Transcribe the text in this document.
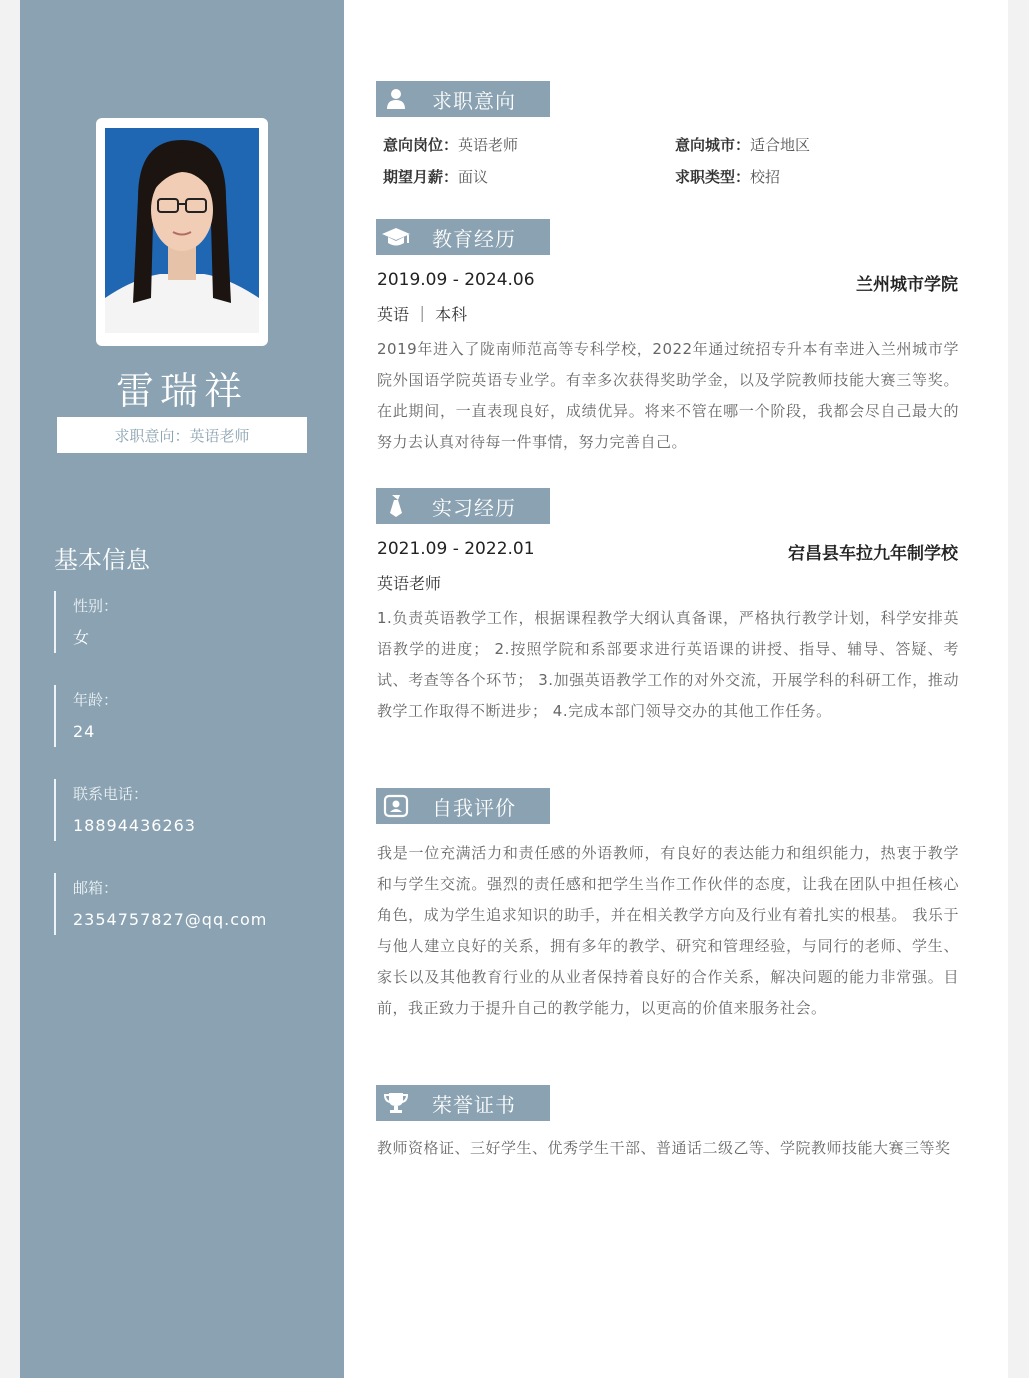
雷瑞祥
求职意向：英语老师
基本信息
性别：
女
年龄：
24
联系电话：
18894436263
邮箱：
2354757827@qq.com
求职意向
意向岗位：英语老师	意向城市：适合地区
期望月薪：面议	求职类型：校招
教育经历
2019.09 - 2024.06	兰州城市学院
英语 ｜ 本科
2019年进入了陇南师范高等专科学校，2022年通过统招专升本有幸进入兰州城市学院外国语学院英语专业学。有幸多次获得奖助学金，以及学院教师技能大赛三等奖。在此期间，一直表现良好，成绩优异。将来不管在哪一个阶段，我都会尽自己最大的努力去认真对待每一件事情，努力完善自己。
实习经历
2021.09 - 2022.01	宕昌县车拉九年制学校
英语老师
1.负责英语教学工作，根据课程教学大纲认真备课，严格执行教学计划，科学安排英语教学的进度； 2.按照学院和系部要求进行英语课的讲授、指导、辅导、答疑、考试、考查等各个环节； 3.加强英语教学工作的对外交流，开展学科的科研工作，推动教学工作取得不断进步； 4.完成本部门领导交办的其他工作任务。
自我评价
我是一位充满活力和责任感的外语教师，有良好的表达能力和组织能力，热衷于教学和与学生交流。强烈的责任感和把学生当作工作伙伴的态度，让我在团队中担任核心角色，成为学生追求知识的助手，并在相关教学方向及行业有着扎实的根基。 我乐于与他人建立良好的关系，拥有多年的教学、研究和管理经验，与同行的老师、学生、家长以及其他教育行业的从业者保持着良好的合作关系，解决问题的能力非常强。目前，我正致力于提升自己的教学能力，以更高的价值来服务社会。
荣誉证书
教师资格证、三好学生、优秀学生干部、普通话二级乙等、学院教师技能大赛三等奖
